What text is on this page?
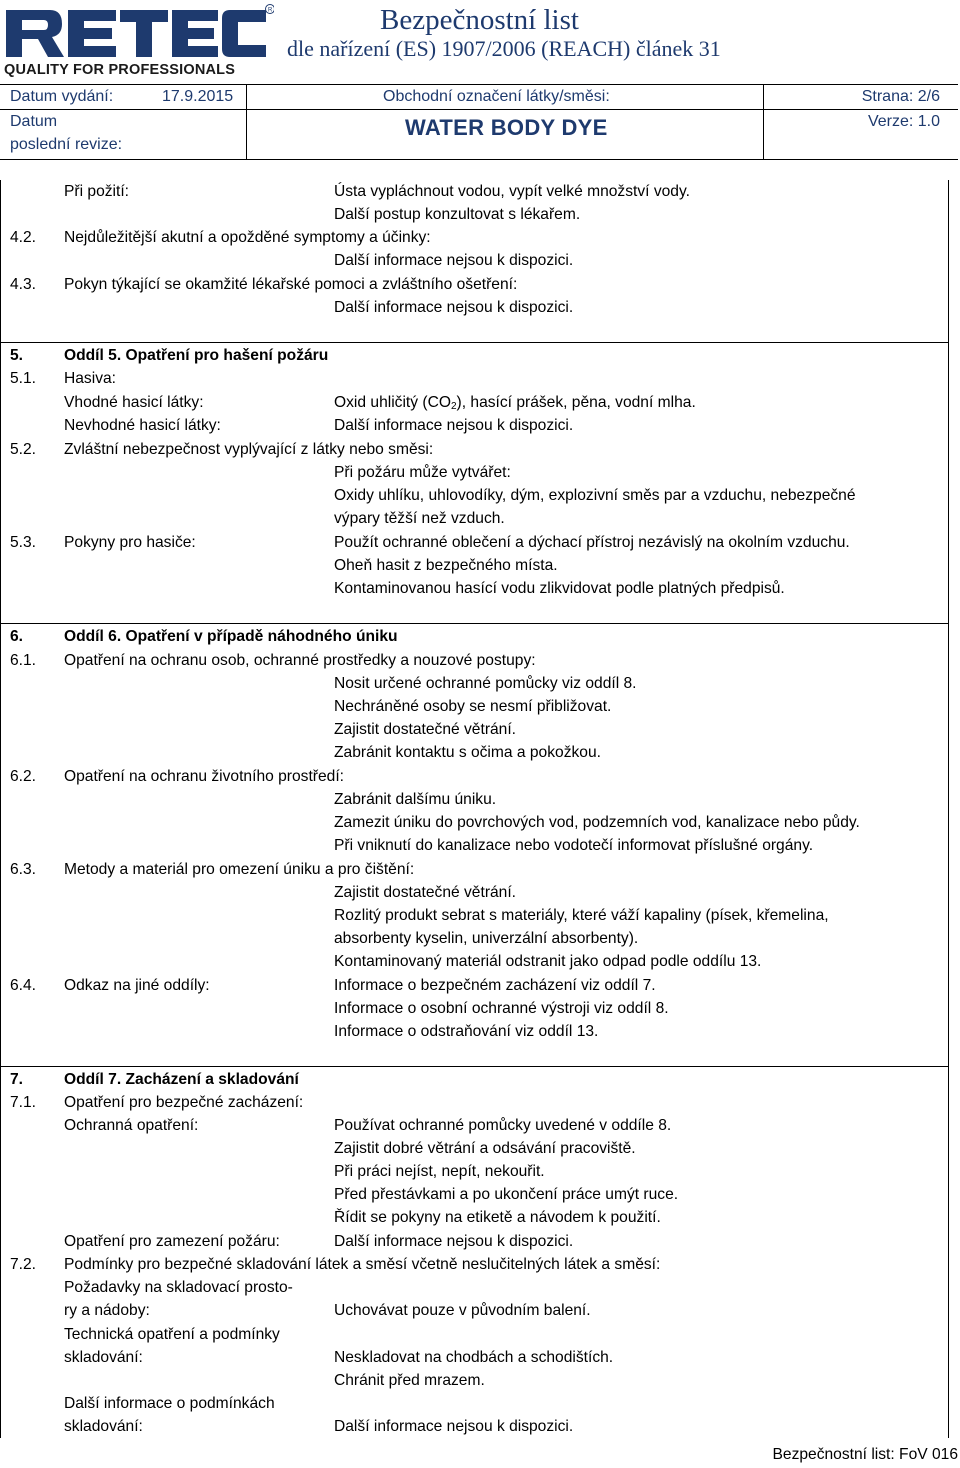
R
QUALITY FOR PROFESSIONALS
Bezpečnostní list
dle nařízení (ES) 1907/2006 (REACH) článek 31
Datum vydání:	17.9.2015	Obchodní označení látky/směsi:	Strana: 2/6
Datum
poslední revize:
WATER BODY DYE	Verze: 1.0
Při požití:	Ústa vypláchnout vodou, vypít velké množství vody.
Další postup konzultovat s lékařem.
4.2. Nejdůležitější akutní a opožděné symptomy a účinky:
Další informace nejsou k dispozici.
4.3. Pokyn týkající se okamžité lékařské pomoci a zvláštního ošetření:
Další informace nejsou k dispozici.
5.	Oddíl 5. Opatření pro hašení požáru
5.1. Hasiva:
Vhodné hasicí látky:	Oxid uhličitý $(CO_2)$, hasící prášek, pěna, vodní mlha.
Nevhodné hasicí látky:	Další informace nejsou k dispozici.
5.2. Zvláštní nebezpečnost vyplývající z látky nebo směsi:
Při požáru může vytvářet:
Oxidy uhlíku, uhlovodíky, dým, explozivní směs par a vzduchu, nebezpečné
výpary těžší než vzduch.
5.3. Pokyny pro hasiče:	Použít ochranné oblečení a dýchací přístroj nezávislý na okolním vzduchu.
Oheň hasit z bezpečného místa.
Kontaminovanou hasící vodu zlikvidovat podle platných předpisů.
6.	Oddíl 6. Opatření v případě náhodného úniku
6.1. Opatření na ochranu osob, ochranné prostředky a nouzové postupy:
Nosit určené ochranné pomůcky viz oddíl 8.
Nechráněné osoby se nesmí přibližovat.
Zajistit dostatečné větrání.
Zabránit kontaktu s očima a pokožkou.
6.2. Opatření na ochranu životního prostředí:
Zabránit dalšímu úniku.
Zamezit úniku do povrchových vod, podzemních vod, kanalizace nebo půdy.
Při vniknutí do kanalizace nebo vodotečí informovat příslušné orgány.
6.3. Metody a materiál pro omezení úniku a pro čištění:
Zajistit dostatečné větrání.
Rozlitý produkt sebrat s materiály, které váží kapaliny (písek, křemelina,
absorbenty kyselin, univerzální absorbenty).
Kontaminovaný materiál odstranit jako odpad podle oddílu 13.
6.4. Odkaz na jiné oddíly:	Informace o bezpečném zacházení viz oddíl 7.
Informace o osobní ochranné výstroji viz oddíl 8.
Informace o odstraňování viz oddíl 13.
7.	Oddíl 7. Zacházení a skladování
7.1. Opatření pro bezpečné zacházení:
Ochranná opatření:	Používat ochranné pomůcky uvedené v oddíle 8.
Zajistit dobré větrání a odsávání pracoviště.
Při práci nejíst, nepít, nekouřit.
Před přestávkami a po ukončení práce umýt ruce.
Řídit se pokyny na etiketě a návodem k použití.
Opatření pro zamezení požáru:	Další informace nejsou k dispozici.
7.2. Podmínky pro bezpečné skladování látek a směsí včetně neslučitelných látek a směsí:
Požadavky na skladovací prosto-
ry a nádoby:	Uchovávat pouze v původním balení.
Technická opatření a podmínky
skladování:	Neskladovat na chodbách a schodištích.
Chránit před mrazem.
Další informace o podmínkách
skladování:	Další informace nejsou k dispozici.
Bezpečnostní list: FoV 016
